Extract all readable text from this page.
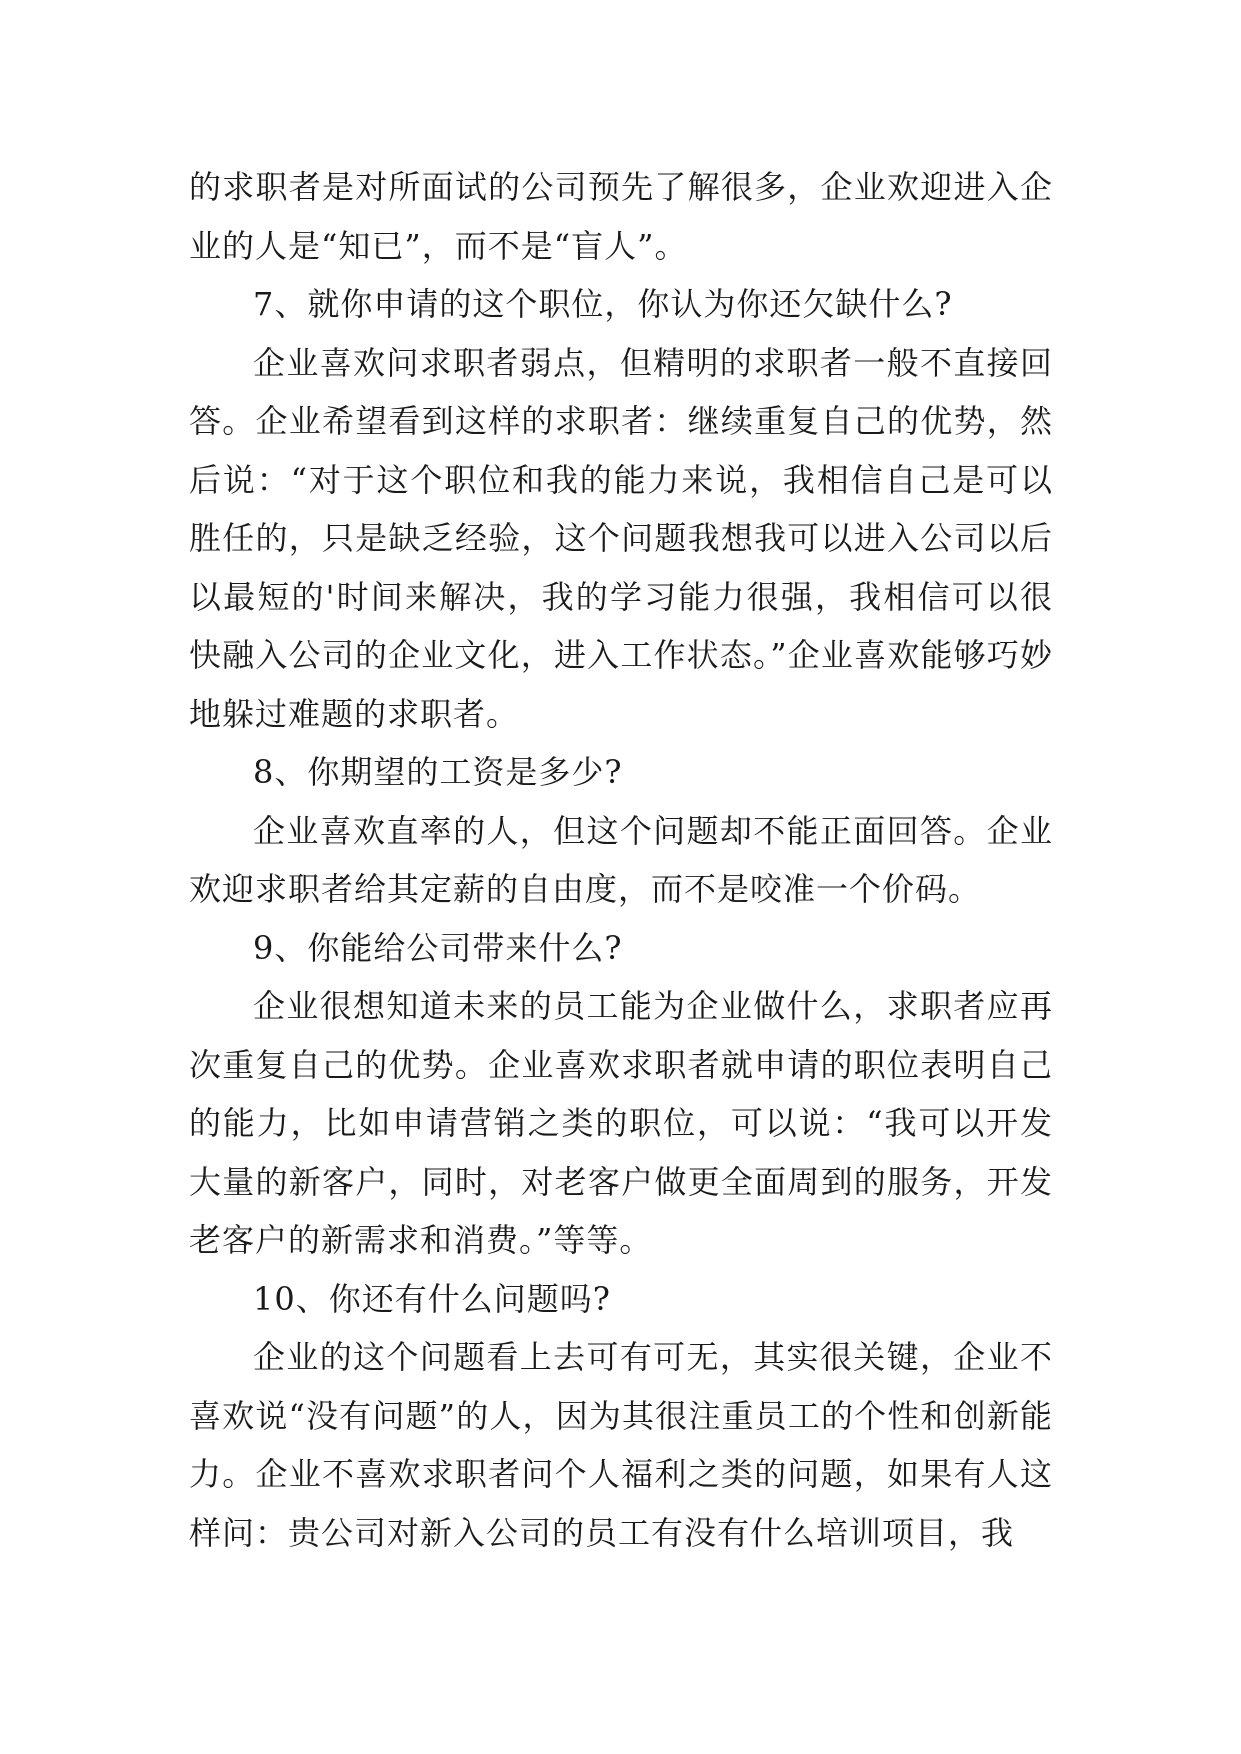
的求职者是对所面试的公司预先了解很多，企业欢迎进入企业的人是“知已”，而不是“盲人”。

7、就你申请的这个职位，你认为你还欠缺什么?

企业喜欢问求职者弱点，但精明的求职者一般不直接回答。企业希望看到这样的求职者：继续重复自己的优势，然后说：“对于这个职位和我的能力来说，我相信自己是可以胜任的，只是缺乏经验，这个问题我想我可以进入公司以后以最短的'时间来解决，我的学习能力很强，我相信可以很快融入公司的企业文化，进入工作状态。”企业喜欢能够巧妙地躲过难题的求职者。

8、你期望的工资是多少?

企业喜欢直率的人，但这个问题却不能正面回答。企业欢迎求职者给其定薪的自由度，而不是咬准一个价码。

9、你能给公司带来什么?

企业很想知道未来的员工能为企业做什么，求职者应再次重复自己的优势。企业喜欢求职者就申请的职位表明自己的能力，比如申请营销之类的职位，可以说：“我可以开发大量的新客户，同时，对老客户做更全面周到的服务，开发老客户的新需求和消费。”等等。

10、你还有什么问题吗?

企业的这个问题看上去可有可无，其实很关键，企业不喜欢说“没有问题”的人，因为其很注重员工的个性和创新能力。企业不喜欢求职者问个人福利之类的问题，如果有人这样问：贵公司对新入公司的员工有没有什么培训项目，我
